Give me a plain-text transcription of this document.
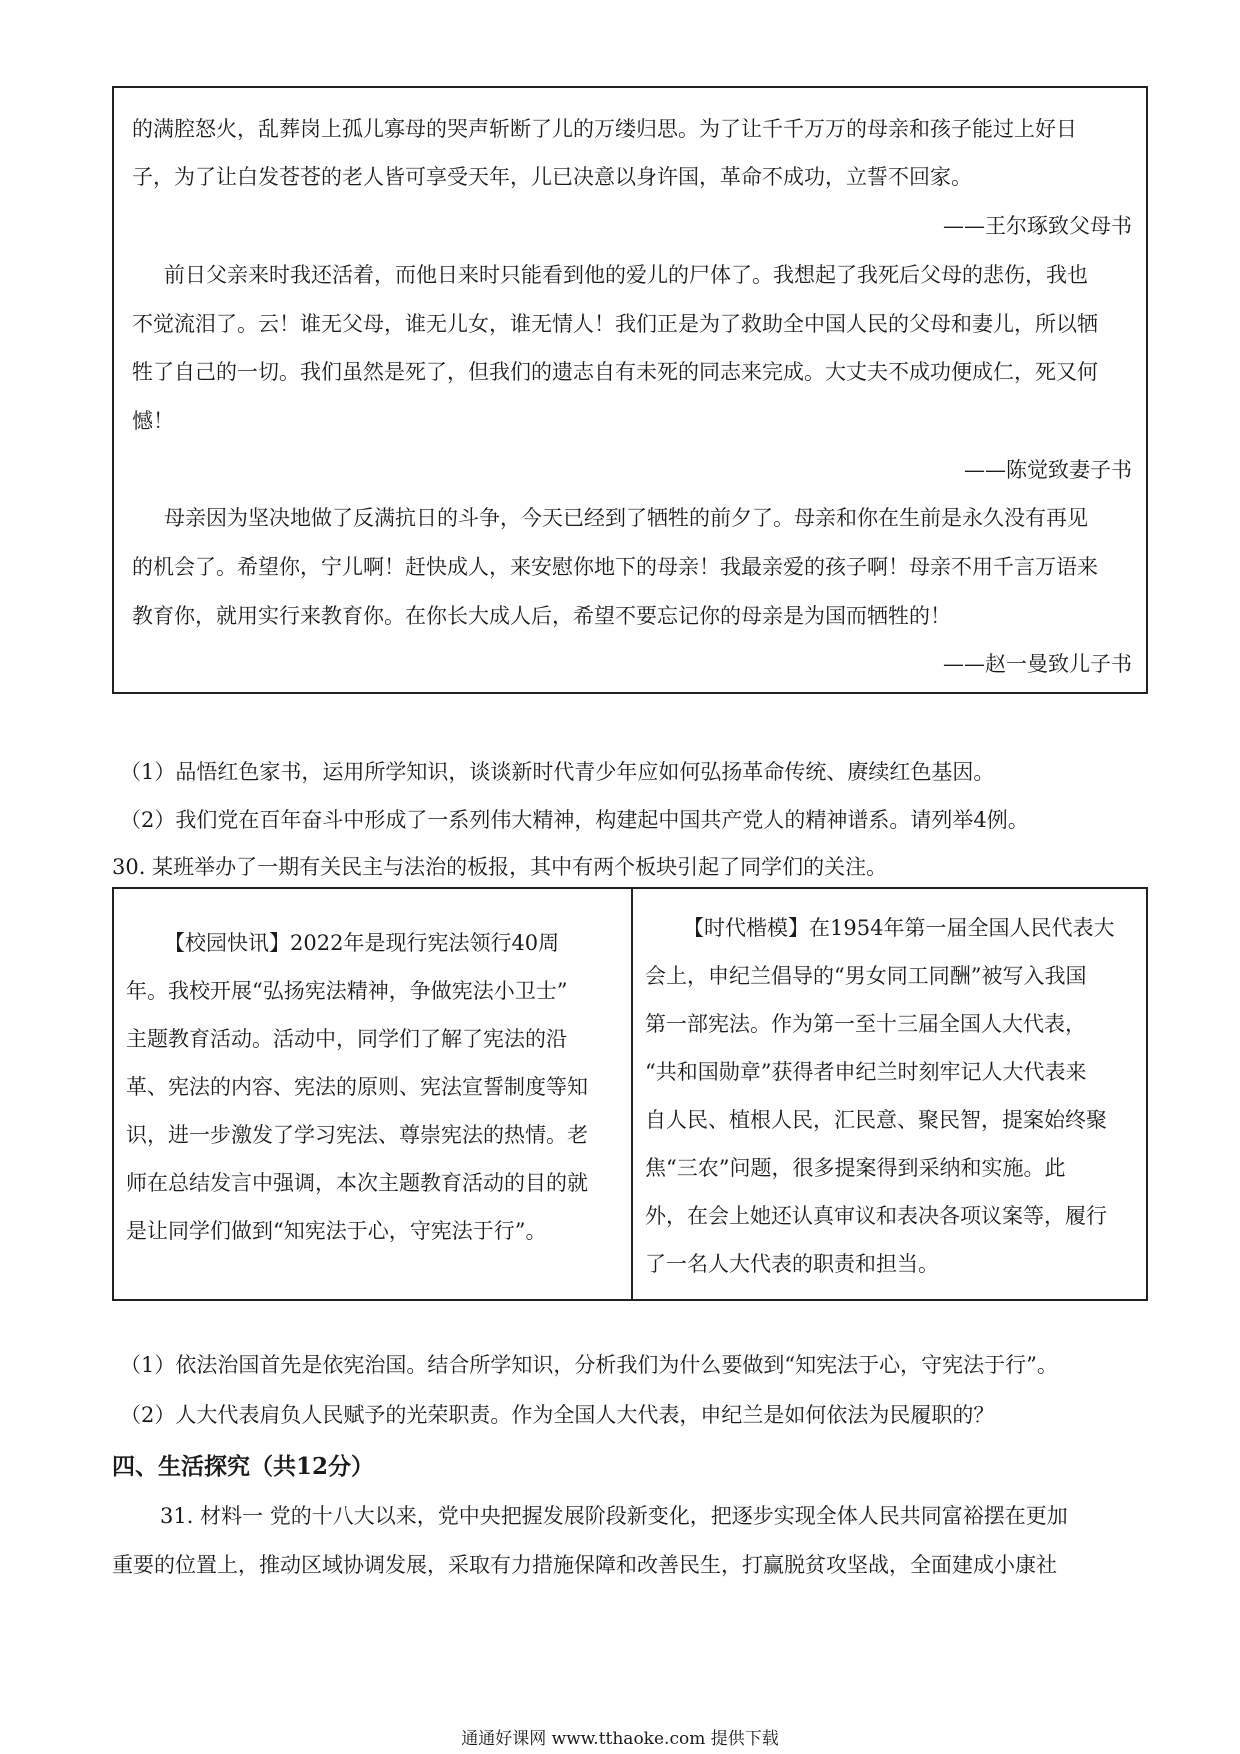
的满腔怒火，乱葬岗上孤儿寡母的哭声斩断了儿的万缕归思。为了让千千万万的母亲和孩子能过上好日
子，为了让白发苍苍的老人皆可享受天年，儿已决意以身许国，革命不成功，立誓不回家。
——王尔琢致父母书
前日父亲来时我还活着，而他日来时只能看到他的爱儿的尸体了。我想起了我死后父母的悲伤，我也
不觉流泪了。云！谁无父母，谁无儿女，谁无情人！我们正是为了救助全中国人民的父母和妻儿，所以牺
牲了自己的一切。我们虽然是死了，但我们的遗志自有未死的同志来完成。大丈夫不成功便成仁，死又何
憾！
——陈觉致妻子书
母亲因为坚决地做了反满抗日的斗争，今天已经到了牺牲的前夕了。母亲和你在生前是永久没有再见
的机会了。希望你，宁儿啊！赶快成人，来安慰你地下的母亲！我最亲爱的孩子啊！母亲不用千言万语来
教育你，就用实行来教育你。在你长大成人后，希望不要忘记你的母亲是为国而牺牲的！
——赵一曼致儿子书
（1）品悟红色家书，运用所学知识，谈谈新时代青少年应如何弘扬革命传统、赓续红色基因。
（2）我们党在百年奋斗中形成了一系列伟大精神，构建起中国共产党人的精神谱系。请列举4例。
30. 某班举办了一期有关民主与法治的板报，其中有两个板块引起了同学们的关注。
【校园快讯】2022年是现行宪法领行40周
年。我校开展“弘扬宪法精神，争做宪法小卫士”
主题教育活动。活动中，同学们了解了宪法的沿
革、宪法的内容、宪法的原则、宪法宣誓制度等知
识，进一步激发了学习宪法、尊崇宪法的热情。老
师在总结发言中强调，本次主题教育活动的目的就
是让同学们做到“知宪法于心，守宪法于行”。
【时代楷模】在1954年第一届全国人民代表大
会上，申纪兰倡导的“男女同工同酬”被写入我国
第一部宪法。作为第一至十三届全国人大代表，
“共和国勋章”获得者申纪兰时刻牢记人大代表来
自人民、植根人民，汇民意、聚民智，提案始终聚
焦“三农”问题，很多提案得到采纳和实施。此
外，在会上她还认真审议和表决各项议案等，履行
了一名人大代表的职责和担当。
（1）依法治国首先是依宪治国。结合所学知识，分析我们为什么要做到“知宪法于心，守宪法于行”。
（2）人大代表肩负人民赋予的光荣职责。作为全国人大代表，申纪兰是如何依法为民履职的？
四、生活探究（共12分）
31. 材料一 党的十八大以来，党中央把握发展阶段新变化，把逐步实现全体人民共同富裕摆在更加
重要的位置上，推动区域协调发展，采取有力措施保障和改善民生，打赢脱贫攻坚战，全面建成小康社
通通好课网 www.tthaoke.com 提供下载
